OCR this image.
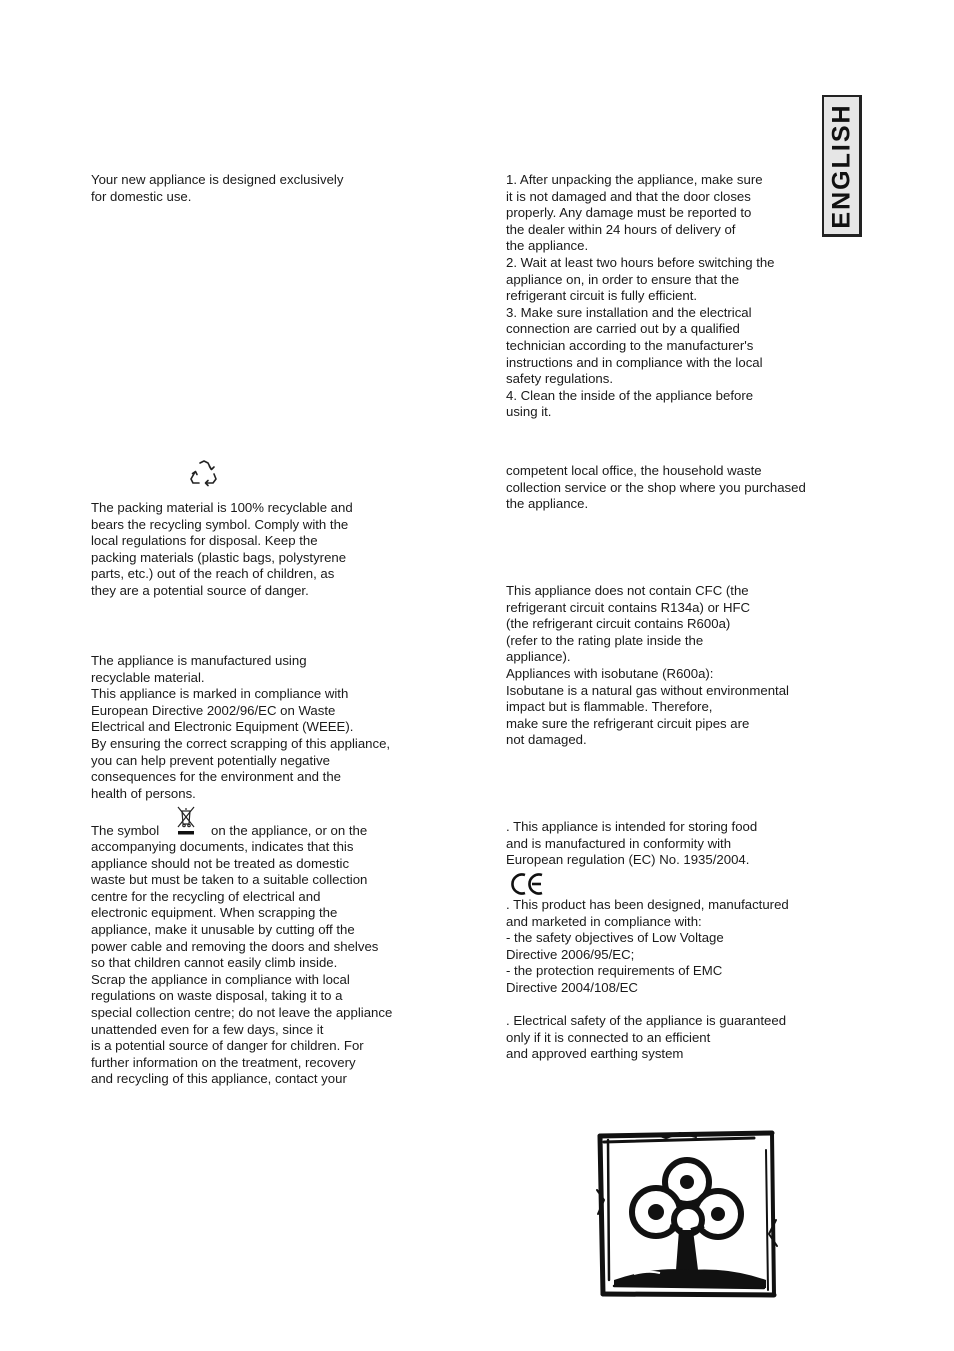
ENGLISH
Your new appliance is designed exclusively
for domestic use.
The packing material is 100% recyclable and
bears the recycling symbol. Comply with the
local regulations for disposal. Keep the
packing materials (plastic bags, polystyrene
parts, etc.) out of the reach of children, as
they are a potential source of danger.
The appliance is manufactured using
recyclable material.
This appliance is marked in compliance with
European Directive 2002/96/EC on Waste
Electrical and Electronic Equipment (WEEE).
By ensuring the correct scrapping of this appliance,
you can help prevent potentially negative
consequences for the environment and the
health of persons.
The symbol	on the appliance, or on the
accompanying documents, indicates that this
appliance should not be treated as domestic
waste but must be taken to a suitable collection
centre for the recycling of electrical and
electronic equipment. When scrapping the
appliance, make it unusable by cutting off the
power cable and removing the doors and shelves
so that children cannot easily climb inside.
Scrap the appliance in compliance with local
regulations on waste disposal, taking it to a
special collection centre; do not leave the appliance
unattended even for a few days, since it
is a potential source of danger for children. For
further information on the treatment, recovery
and recycling of this appliance, contact your
1. After unpacking the appliance, make sure
it is not damaged and that the door closes
properly. Any damage must be reported to
the dealer within 24 hours of delivery of
the appliance.
2. Wait at least two hours before switching the
appliance on, in order to ensure that the
refrigerant circuit is fully efficient.
3. Make sure installation and the electrical
connection are carried out by a qualified
technician according to the manufacturer's
instructions and in compliance with the local
safety regulations.
4. Clean the inside of the appliance before
using it.
competent local office, the household waste
collection service or the shop where you purchased
the appliance.
This appliance does not contain CFC (the
refrigerant circuit contains R134a) or HFC
(the refrigerant circuit contains R600a)
(refer to the rating plate inside the
appliance).
Appliances with isobutane (R600a):
Isobutane is a natural gas without environmental
impact but is flammable. Therefore,
make sure the refrigerant circuit pipes are
not damaged.
. This appliance is intended for storing food
and is manufactured in conformity with
European regulation (EC) No. 1935/2004.
. This product has been designed, manufactured
and marketed in compliance with:
- the safety objectives of Low Voltage
Directive 2006/95/EC;
- the protection requirements of EMC
Directive 2004/108/EC
. Electrical safety of the appliance is guaranteed
only if it is connected to an efficient
and approved earthing system
